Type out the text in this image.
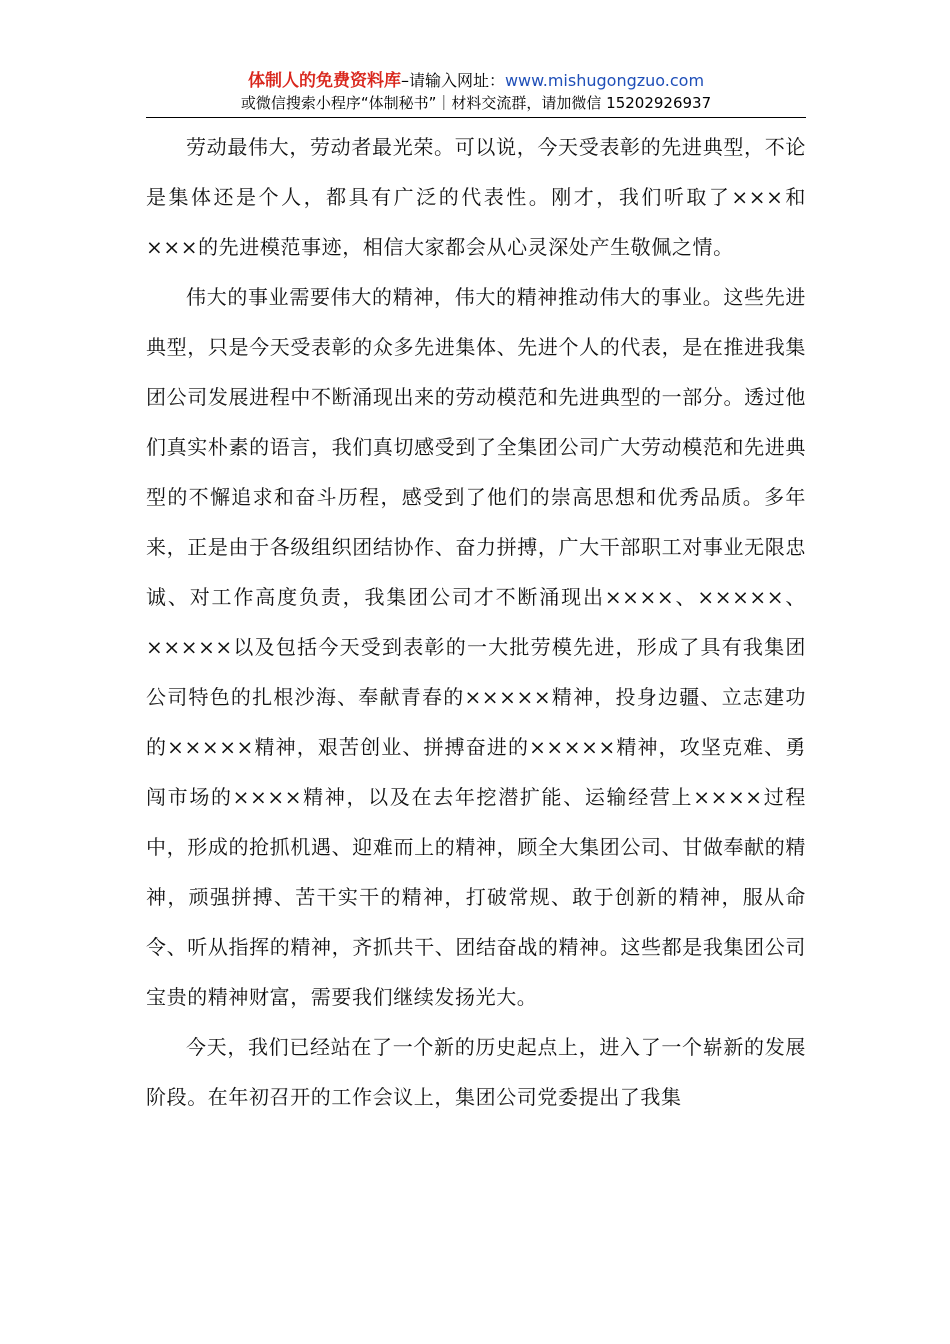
体制人的免费资料库–请输入网址：www.mishugongzuo.com
或微信搜索小程序“体制秘书”｜材料交流群，请加微信 15202926937

劳动最伟大，劳动者最光荣。可以说，今天受表彰的先进典型，不论是集体还是个人，都具有广泛的代表性。刚才，我们听取了×××和×××的先进模范事迹，相信大家都会从心灵深处产生敬佩之情。

伟大的事业需要伟大的精神，伟大的精神推动伟大的事业。这些先进典型，只是今天受表彰的众多先进集体、先进个人的代表，是在推进我集团公司发展进程中不断涌现出来的劳动模范和先进典型的一部分。透过他们真实朴素的语言，我们真切感受到了全集团公司广大劳动模范和先进典型的不懈追求和奋斗历程，感受到了他们的崇高思想和优秀品质。多年来，正是由于各级组织团结协作、奋力拼搏，广大干部职工对事业无限忠诚、对工作高度负责，我集团公司才不断涌现出××××、×××××、×××××以及包括今天受到表彰的一大批劳模先进，形成了具有我集团公司特色的扎根沙海、奉献青春的×××××精神，投身边疆、立志建功的×××××精神，艰苦创业、拼搏奋进的×××××精神，攻坚克难、勇闯市场的××××精神，以及在去年挖潜扩能、运输经营上××××过程中，形成的抢抓机遇、迎难而上的精神，顾全大集团公司、甘做奉献的精神，顽强拼搏、苦干实干的精神，打破常规、敢于创新的精神，服从命令、听从指挥的精神，齐抓共干、团结奋战的精神。这些都是我集团公司宝贵的精神财富，需要我们继续发扬光大。

今天，我们已经站在了一个新的历史起点上，进入了一个崭新的发展阶段。在年初召开的工作会议上，集团公司党委提出了我集
